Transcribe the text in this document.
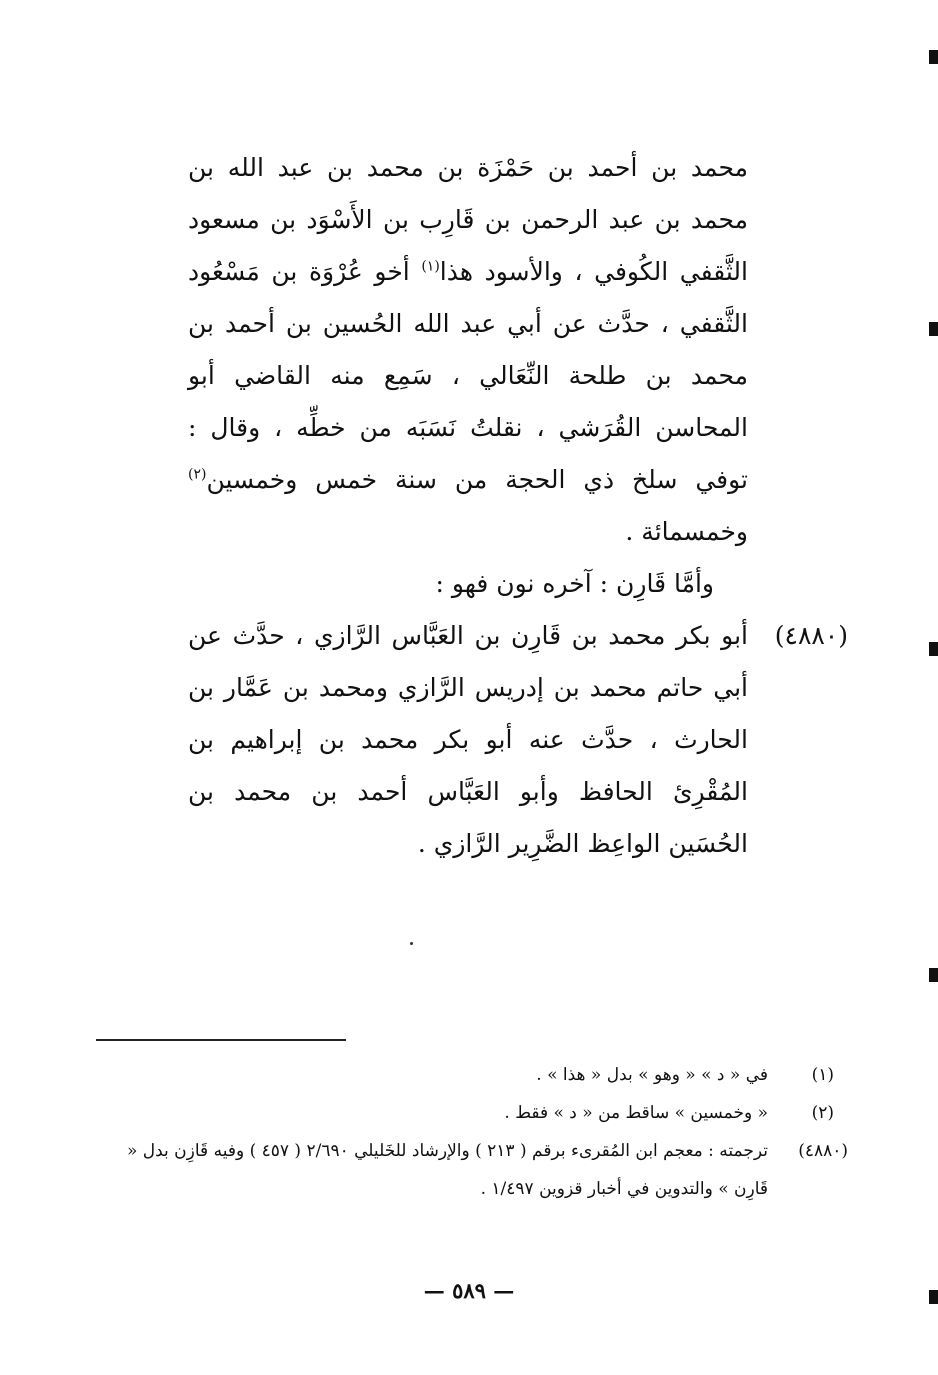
محمد بن أحمد بن حَمْزَة بن محمد بن عبد الله بن محمد بن عبد الرحمن بن قَارِب بن الأَسْوَد بن مسعود الثَّقفي الكُوفي ، والأسود هذا$^{(١)}$ أخو عُرْوَة بن مَسْعُود الثَّقفي ، حدَّث عن أبي عبد الله الحُسين بن أحمد بن محمد بن طلحة النِّعَالي ، سَمِع منه القاضي أبو المحاسن القُرَشي ، نقلتُ نَسَبَه من خطِّه ، وقال : توفي سلخ ذي الحجة من سنة خمس وخمسين$^{(٢)}$ وخمسمائة .

وأمَّا قَارِن : آخره نون فهو :

(٤٨٨٠)

أبو بكر محمد بن قَارِن بن العَبَّاس الرَّازي ، حدَّث عن أبي حاتم محمد بن إدريس الرَّازي ومحمد بن عَمَّار بن الحارث ، حدَّث عنه أبو بكر محمد بن إبراهيم بن المُقْرِئ الحافظ وأبو العَبَّاس أحمد بن محمد بن الحُسَين الواعِظ الضَّرِير الرَّازي .

(١)
في « د » « وهو » بدل « هذا » .
(٢)
« وخمسين » ساقط من « د » فقط .
(٤٨٨٠)
ترجمته : معجم ابن المُقرىء برقم ( ٢١٣ ) والإرشاد للخَليلي ٢/٦٩٠ ( ٤٥٧ ) وفيه قَازِن بدل « قَارِن » والتدوين في أخبار قزوين ١/٤٩٧ .
— ٥٨٩ —
